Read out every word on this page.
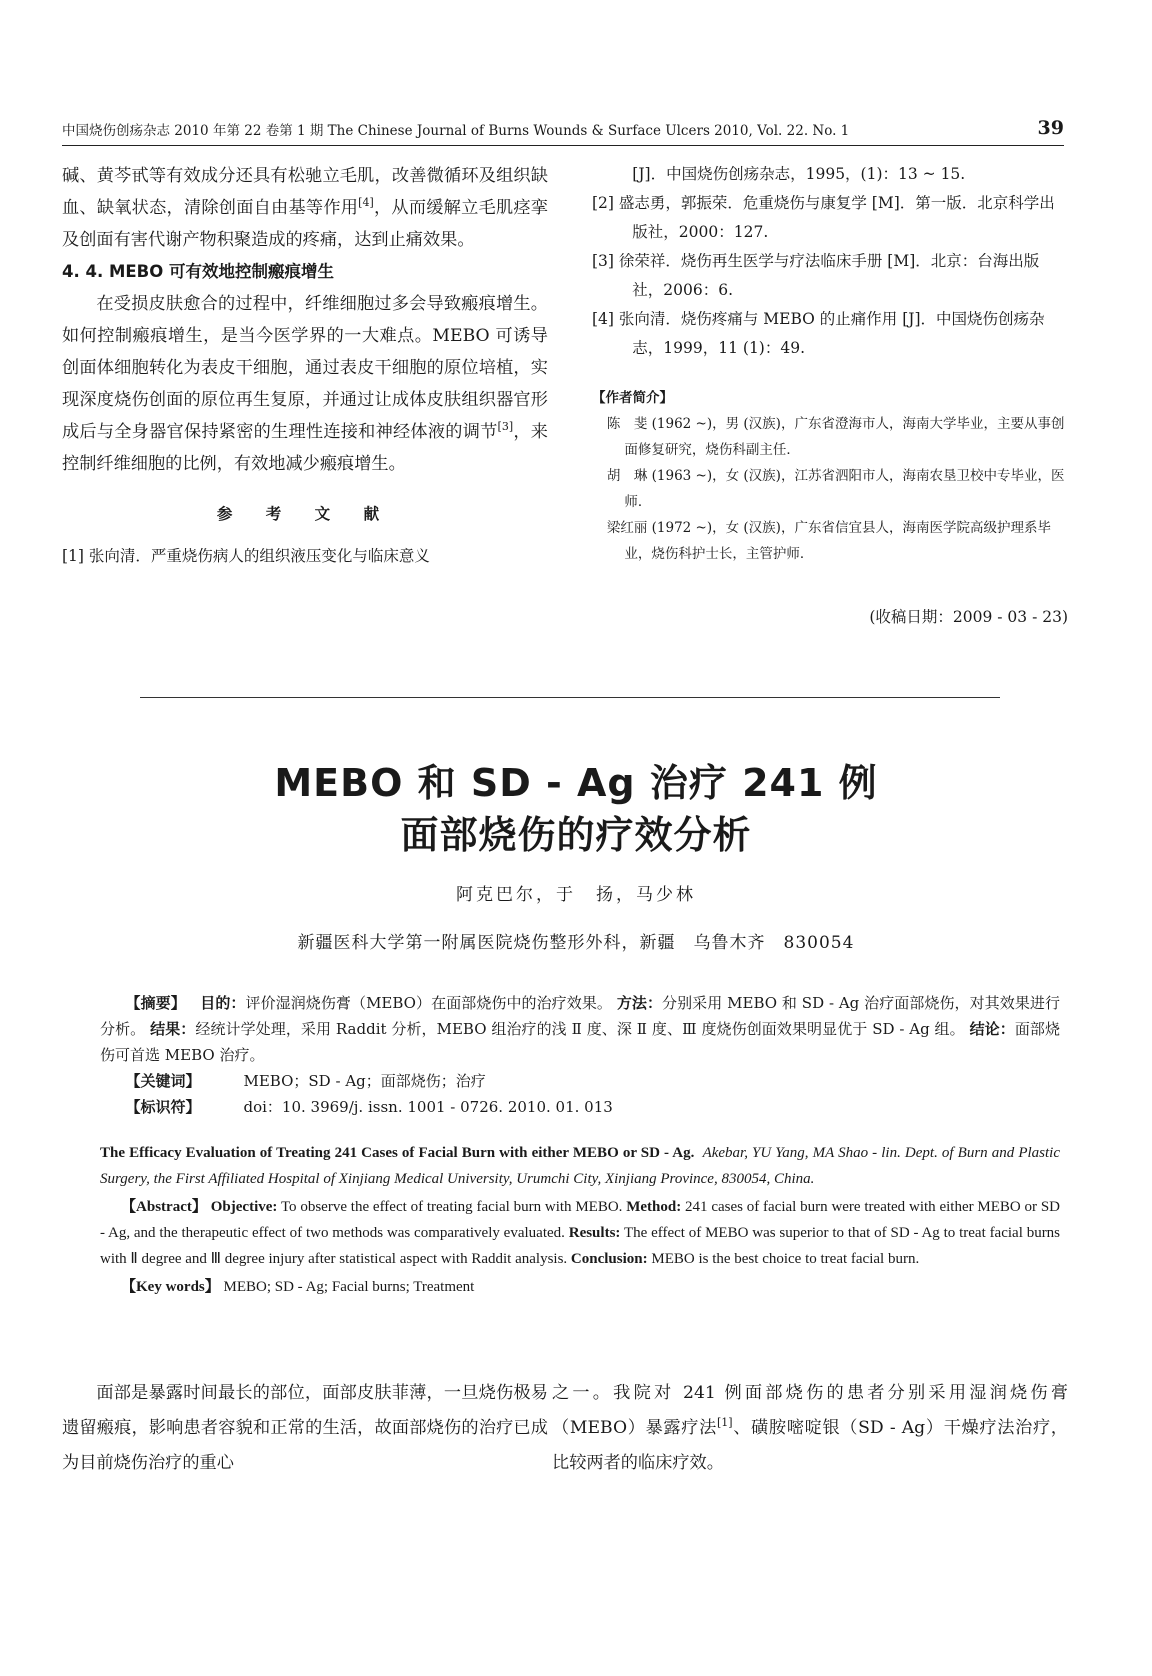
中国烧伤创疡杂志 2010 年第 22 卷第 1 期 The Chinese Journal of Burns Wounds & Surface Ulcers 2010, Vol. 22. No. 1	39

碱、黄芩甙等有效成分还具有松驰立毛肌，改善微循环及组织缺血、缺氧状态，清除创面自由基等作用[4]，从而缓解立毛肌痉挛及创面有害代谢产物积聚造成的疼痛，达到止痛效果。

4. 4. MEBO 可有效地控制瘢痕增生

在受损皮肤愈合的过程中，纤维细胞过多会导致瘢痕增生。如何控制瘢痕增生，是当今医学界的一大难点。MEBO 可诱导创面体细胞转化为表皮干细胞，通过表皮干细胞的原位培植，实现深度烧伤创面的原位再生复原，并通过让成体皮肤组织器官形成后与全身器官保持紧密的生理性连接和神经体液的调节[3]，来控制纤维细胞的比例，有效地减少瘢痕增生。

参 考 文 献

[1] 张向清．严重烧伤病人的组织液压变化与临床意义

[J]．中国烧伤创疡杂志，1995，(1)：13 ~ 15.

[2] 盛志勇，郭振荣．危重烧伤与康复学 [M]．第一版．北京科学出版社，2000：127.

[3] 徐荣祥．烧伤再生医学与疗法临床手册 [M]．北京：台海出版社，2006：6.

[4] 张向清．烧伤疼痛与 MEBO 的止痛作用 [J]．中国烧伤创疡杂志，1999，11 (1)：49.

【作者简介】

陈　斐 (1962 ~)，男 (汉族)，广东省澄海市人，海南大学毕业，主要从事创面修复研究，烧伤科副主任．

胡　琳 (1963 ~)，女 (汉族)，江苏省泗阳市人，海南农垦卫校中专毕业，医师．

梁红丽 (1972 ~)，女 (汉族)，广东省信宜县人，海南医学院高级护理系毕业，烧伤科护士长，主管护师．

(收稿日期：2009 - 03 - 23)

MEBO 和 SD - Ag 治疗 241 例
面部烧伤的疗效分析
阿克巴尔，于　扬，马少林
新疆医科大学第一附属医院烧伤整形外科，新疆　乌鲁木齐　830054

【摘要】 目的：评价湿润烧伤膏（MEBO）在面部烧伤中的治疗效果。 方法：分别采用 MEBO 和 SD - Ag 治疗面部烧伤，对其效果进行分析。 结果：经统计学处理，采用 Raddit 分析，MEBO 组治疗的浅 Ⅱ 度、深 Ⅱ 度、Ⅲ 度烧伤创面效果明显优于 SD - Ag 组。 结论：面部烧伤可首选 MEBO 治疗。

【关键词】	MEBO；SD - Ag；面部烧伤；治疗

【标识符】	doi：10. 3969/j. issn. 1001 - 0726. 2010. 01. 013

The Efficacy Evaluation of Treating 241 Cases of Facial Burn with either MEBO or SD - Ag. Akebar, YU Yang, MA Shao - lin. Dept. of Burn and Plastic Surgery, the First Affiliated Hospital of Xinjiang Medical University, Urumchi City, Xinjiang Province, 830054, China.

【Abstract】 Objective: To observe the effect of treating facial burn with MEBO. Method: 241 cases of facial burn were treated with either MEBO or SD - Ag, and the therapeutic effect of two methods was comparatively evaluated. Results: The effect of MEBO was superior to that of SD - Ag to treat facial burns with Ⅱ degree and Ⅲ degree injury after statistical aspect with Raddit analysis. Conclusion: MEBO is the best choice to treat facial burn.

【Key words】 MEBO; SD - Ag; Facial burns; Treatment

面部是暴露时间最长的部位，面部皮肤菲薄，一旦烧伤极易遗留瘢痕，影响患者容貌和正常的生活，故面部烧伤的治疗已成为目前烧伤治疗的重心
之一。我院对 241 例面部烧伤的患者分别采用湿润烧伤膏（MEBO）暴露疗法[1]、磺胺嘧啶银（SD - Ag）干燥疗法治疗，比较两者的临床疗效。
